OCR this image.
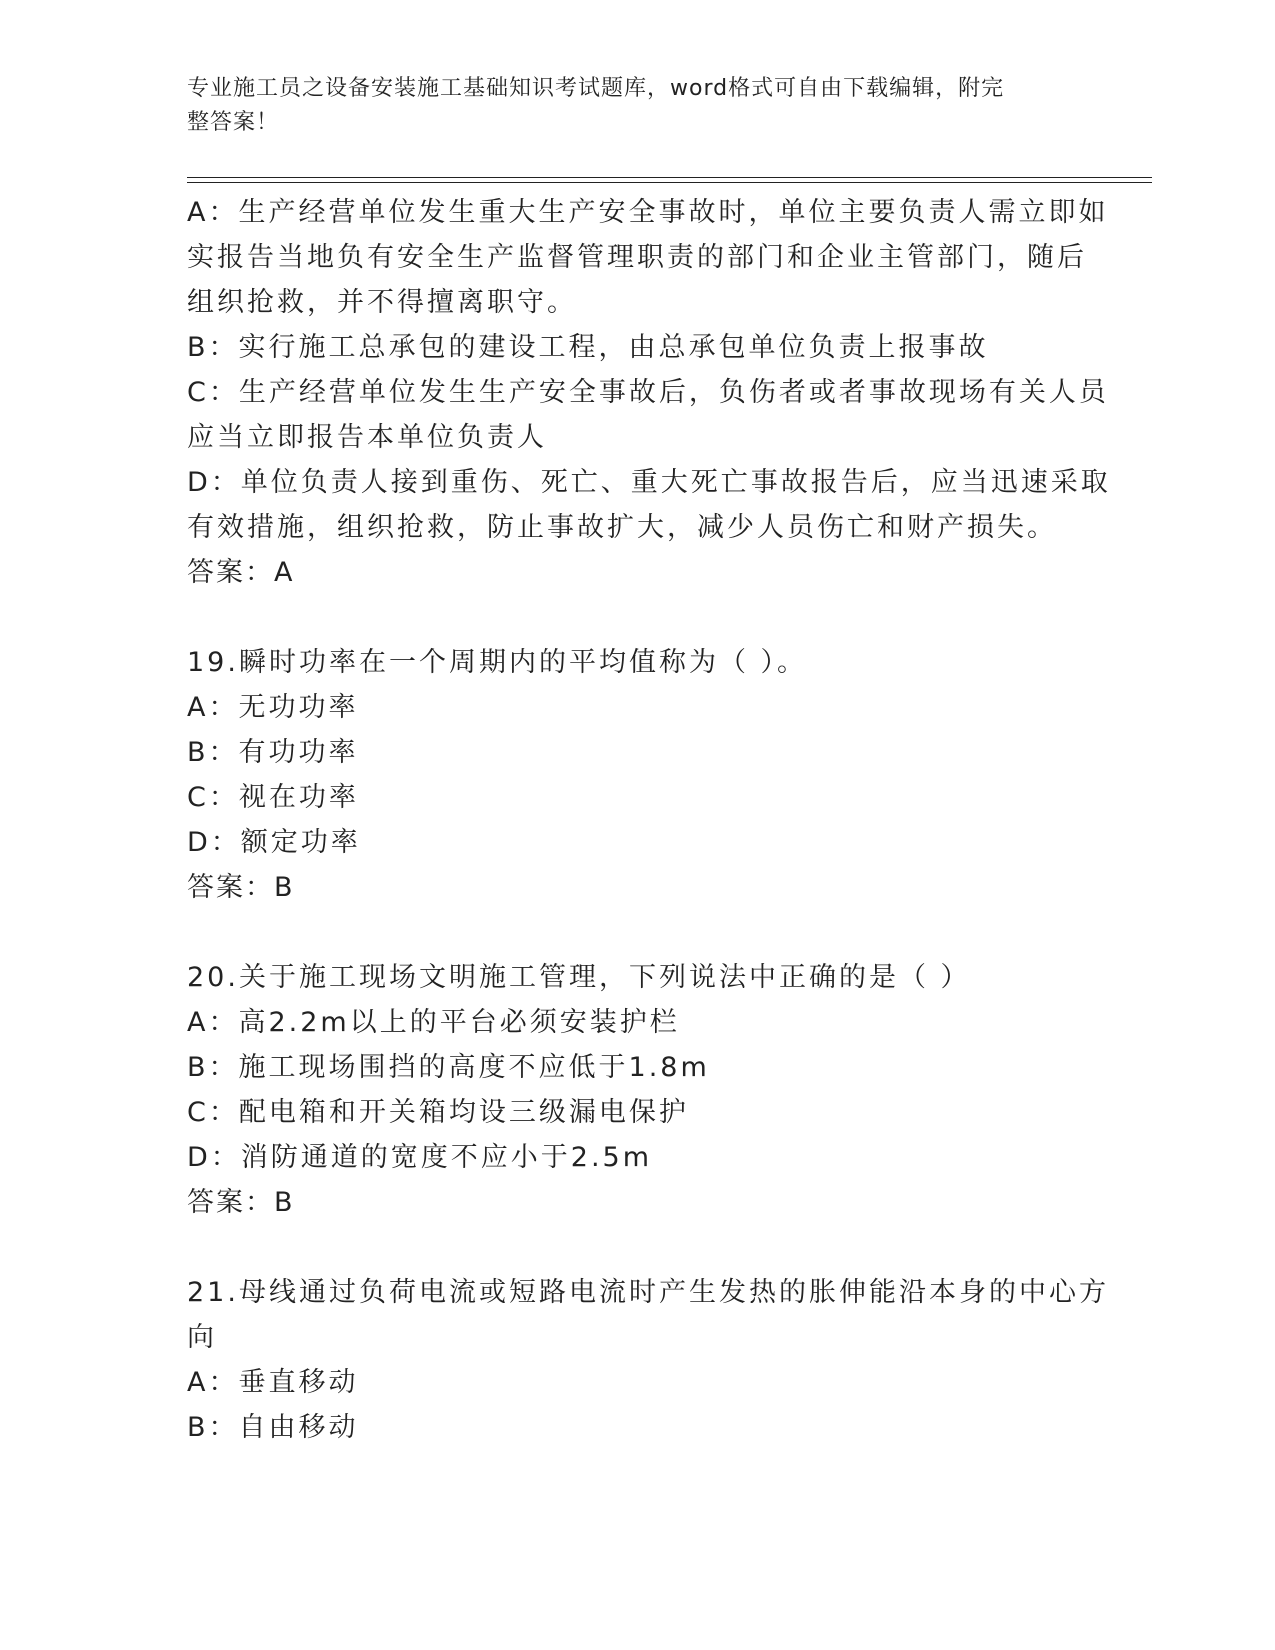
专业施工员之设备安装施工基础知识考试题库，word格式可自由下载编辑，附完
整答案！
A：生产经营单位发生重大生产安全事故时，单位主要负责人需立即如
实报告当地负有安全生产监督管理职责的部门和企业主管部门，随后
组织抢救，并不得擅离职守。
B：实行施工总承包的建设工程，由总承包单位负责上报事故
C：生产经营单位发生生产安全事故后，负伤者或者事故现场有关人员
应当立即报告本单位负责人
D：单位负责人接到重伤、死亡、重大死亡事故报告后，应当迅速采取
有效措施，组织抢救，防止事故扩大，减少人员伤亡和财产损失。
答案：A
19.瞬时功率在一个周期内的平均值称为（ ）。
A：无功功率
B：有功功率
C：视在功率
D：额定功率
答案：B
20.关于施工现场文明施工管理，下列说法中正确的是（ ）
A：高2.2m以上的平台必须安装护栏
B：施工现场围挡的高度不应低于1.8m
C：配电箱和开关箱均设三级漏电保护
D：消防通道的宽度不应小于2.5m
答案：B
21.母线通过负荷电流或短路电流时产生发热的胀伸能沿本身的中心方
向
A：垂直移动
B：自由移动
